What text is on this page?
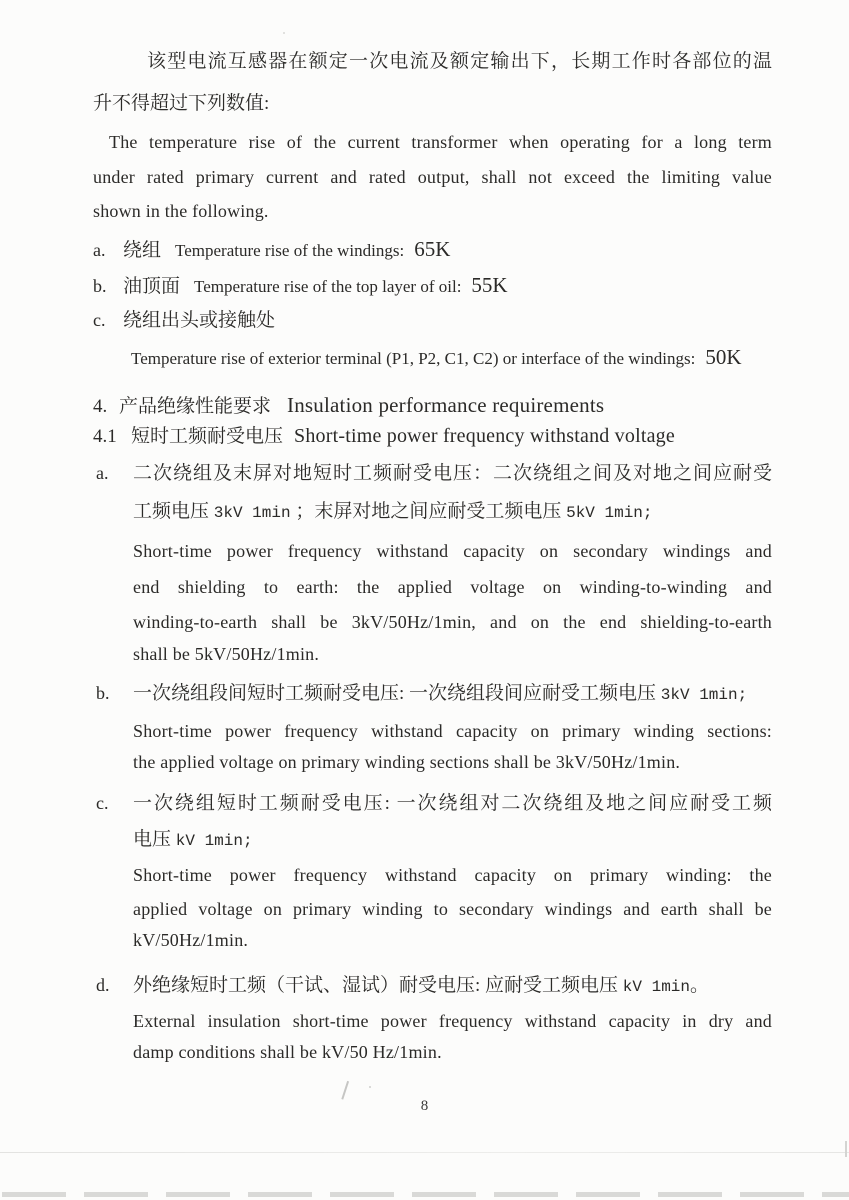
该型电流互感器在额定一次电流及额定输出下，长期工作时各部位的温
升不得超过下列数值:
The temperature rise of the current transformer when operating for a long term
under rated primary current and rated output, shall not exceed the limiting value
shown in the following.
a. 绕组 Temperature rise of the windings: 65K
b. 油顶面 Temperature rise of the top layer of oil: 55K
c. 绕组出头或接触处
Temperature rise of exterior terminal (P1, P2, C1, C2) or interface of the windings: 50K
4. 产品绝缘性能要求 Insulation performance requirements
4.1 短时工频耐受电压 Short-time power frequency withstand voltage
a.	二次绕组及末屏对地短时工频耐受电压：二次绕组之间及对地之间应耐受
工频电压 3kV 1min ；末屏对地之间应耐受工频电压 5kV 1min;
Short-time power frequency withstand capacity on secondary windings and
end shielding to earth: the applied voltage on winding-to-winding and
winding-to-earth shall be 3kV/50Hz/1min, and on the end shielding-to-earth
shall be 5kV/50Hz/1min.
b.	一次绕组段间短时工频耐受电压: 一次绕组段间应耐受工频电压 3kV 1min;
Short-time power frequency withstand capacity on primary winding sections:
the applied voltage on primary winding sections shall be 3kV/50Hz/1min.
c.	一次绕组短时工频耐受电压: 一次绕组对二次绕组及地之间应耐受工频
电压 kV 1min;
Short-time power frequency withstand capacity on primary winding: the
applied voltage on primary winding to secondary windings and earth shall be
kV/50Hz/1min.
d.	外绝缘短时工频（干试、湿试）耐受电压: 应耐受工频电压 kV 1min。
External insulation short-time power frequency withstand capacity in dry and
damp conditions shall be kV/50 Hz/1min.
8
